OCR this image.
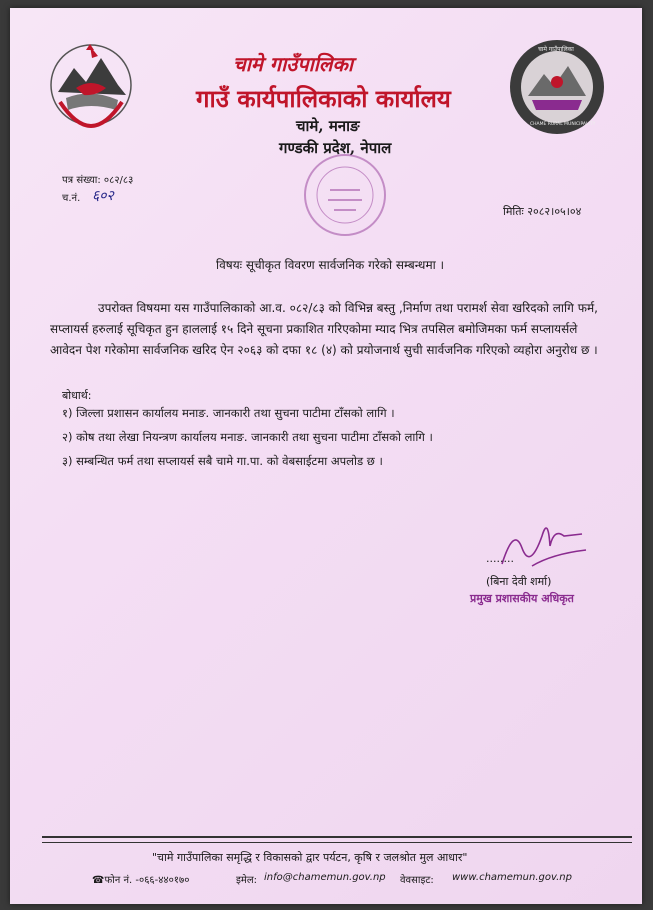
चामे गाउँपालिका
CHAME RURAL MUNICIPALITY
चामे गाउँपालिका
गाउँ कार्यपालिकाको कार्यालय
चामे, मनाङ
गण्डकी प्रदेश, नेपाल
पत्र संख्या: ०८२/८३
च.नं. ६०२
मितिः २०८२।०५।०४
विषयः सूचीकृत विवरण सार्वजनिक गरेको सम्बन्धमा ।
उपरोक्त विषयमा यस गाउँपालिकाको आ.व. ०८२/८३ को विभिन्न बस्तु ,निर्माण तथा परामर्श सेवा खरिदको लागि फर्म, सप्लायर्स हरुलाई सूचिकृत हुन हाललाई १५ दिने सूचना प्रकाशित गरिएकोमा म्याद भित्र तपसिल बमोजिमका फर्म सप्लायर्सले आवेदन पेश गरेकोमा सार्वजनिक खरिद ऐन २०६३ को दफा १८ (४) को प्रयोजनार्थ सुची सार्वजनिक गरिएको व्यहोरा अनुरोध छ ।
बोधार्थ:
१) जिल्ला प्रशासन कार्यालय मनाङ. जानकारी तथा सुचना पाटीमा टाँसको लागि ।
२) कोष तथा लेखा नियन्त्रण कार्यालय मनाङ. जानकारी तथा सुचना पाटीमा टाँसको लागि ।
३) सम्बन्धित फर्म तथा सप्लायर्स सबै चामे गा.पा. को वेबसाईटमा अपलोड छ ।
........
(बिना देवी शर्मा)
प्रमुख प्रशासकीय अधिकृत
"चामे गाउँपालिका समृद्धि र विकासको द्वार पर्यटन, कृषि र जलश्रोत मुल आधार"
☎फोन नं. -०६६-४४०१७०	इमेल: info@chamemun.gov.np वेवसाइट: www.chamemun.gov.np
